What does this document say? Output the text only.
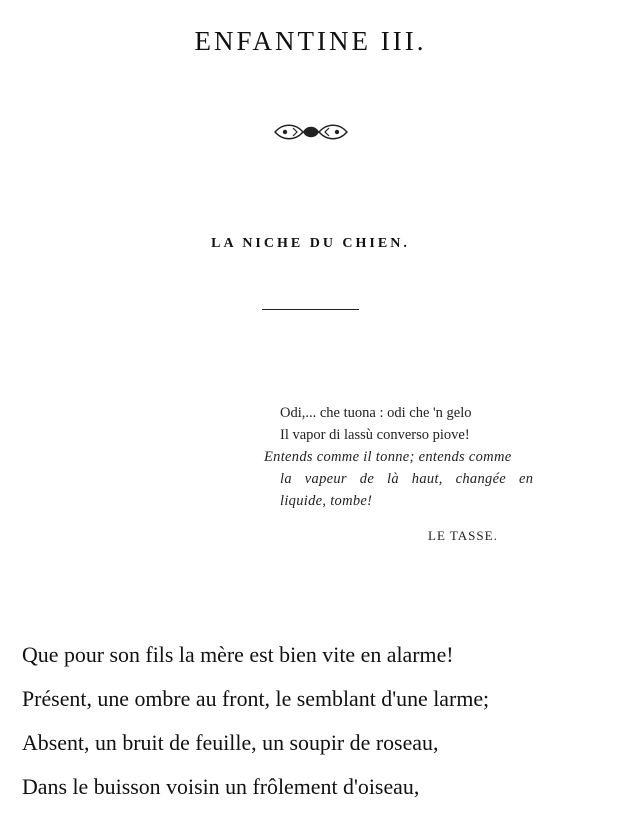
ENFANTINE III.
LA NICHE DU CHIEN.
Odi,... che tuona : odi che 'n gelo
Il vapor di lassù converso piove!
Entends comme il tonne; entends comme
la vapeur de là haut, changée en
liquide, tombe!
LE TASSE.
Que pour son fils la mère est bien vite en alarme!
Présent, une ombre au front, le semblant d'une larme;
Absent, un bruit de feuille, un soupir de roseau,
Dans le buisson voisin un frôlement d'oiseau,
